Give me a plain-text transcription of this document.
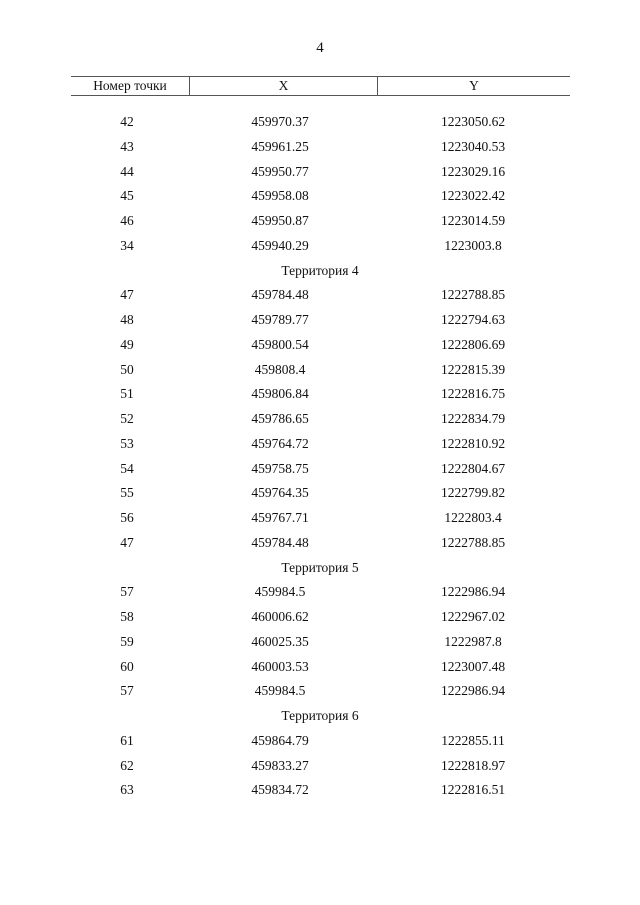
4
Номер точки	X	Y
42	459970.37	1223050.62
43	459961.25	1223040.53
44	459950.77	1223029.16
45	459958.08	1223022.42
46	459950.87	1223014.59
34	459940.29	1223003.8
Территория 4
47	459784.48	1222788.85
48	459789.77	1222794.63
49	459800.54	1222806.69
50	459808.4	1222815.39
51	459806.84	1222816.75
52	459786.65	1222834.79
53	459764.72	1222810.92
54	459758.75	1222804.67
55	459764.35	1222799.82
56	459767.71	1222803.4
47	459784.48	1222788.85
Территория 5
57	459984.5	1222986.94
58	460006.62	1222967.02
59	460025.35	1222987.8
60	460003.53	1223007.48
57	459984.5	1222986.94
Территория 6
61	459864.79	1222855.11
62	459833.27	1222818.97
63	459834.72	1222816.51
